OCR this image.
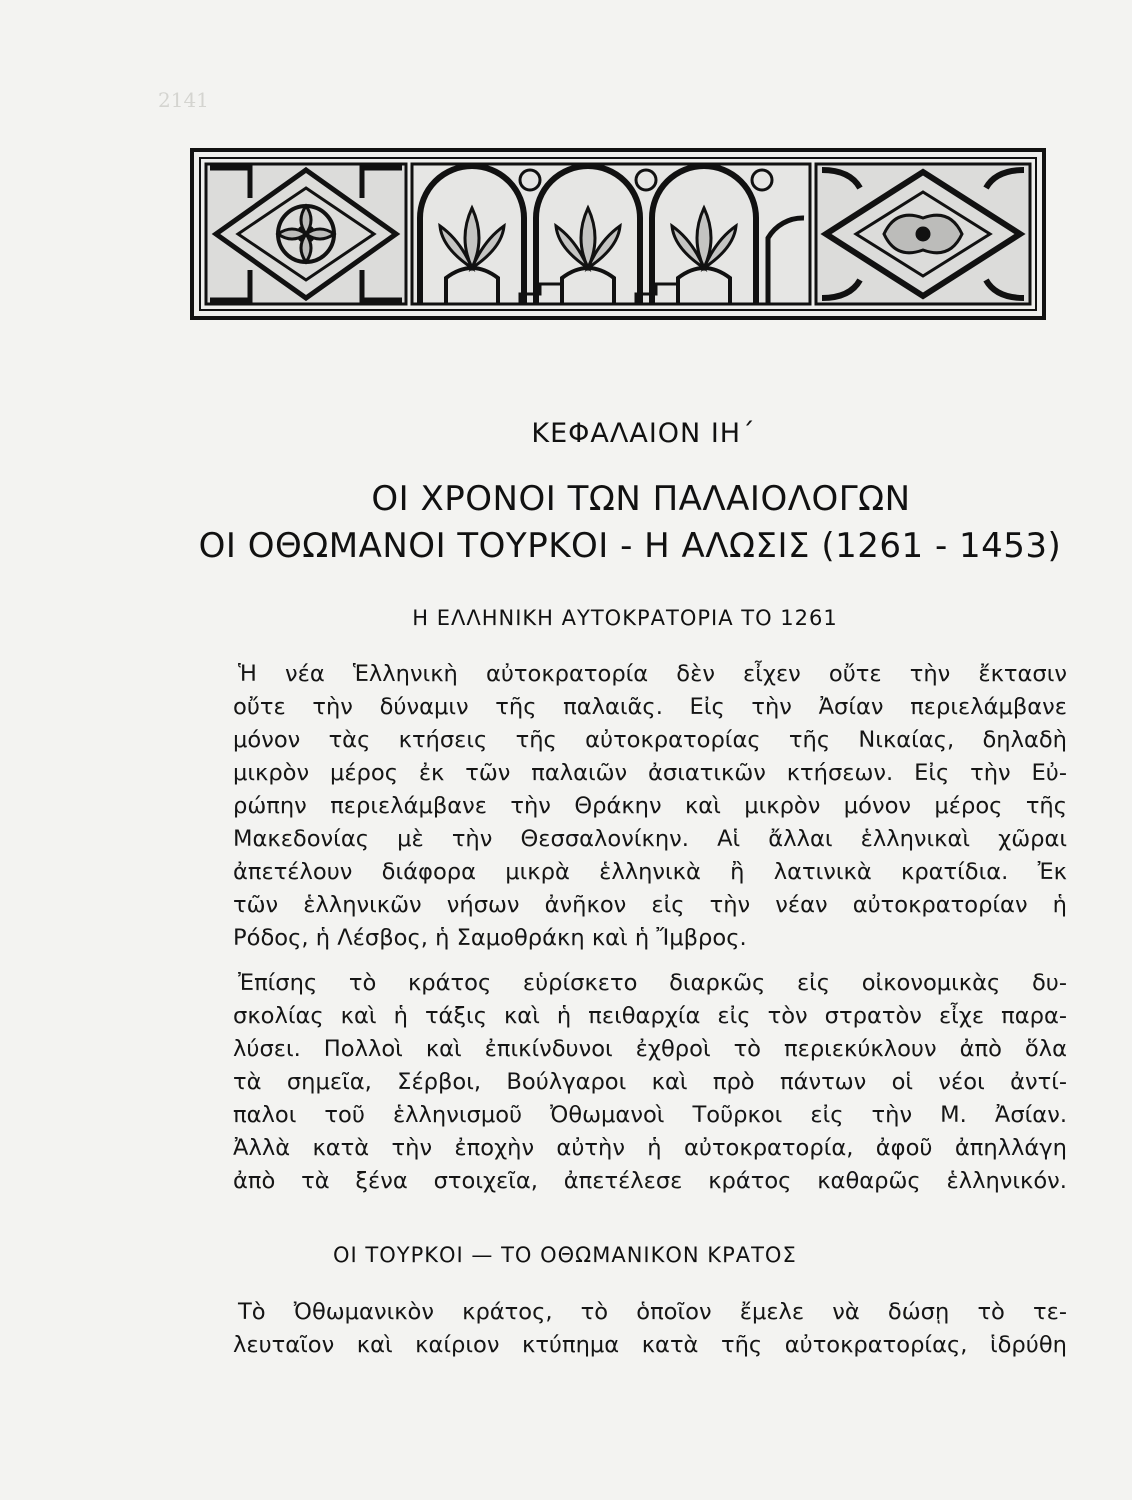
2141
ΚΕΦΑΛΑΙΟΝ ΙΗ΄
ΟΙ ΧΡΟΝΟΙ ΤΩΝ ΠΑΛΑΙΟΛΟΓΩΝ
ΟΙ ΟΘΩΜΑΝΟΙ ΤΟΥΡΚΟΙ - Η ΑΛΩΣΙΣ (1261 - 1453)
Η ΕΛΛΗΝΙΚΗ ΑΥΤΟΚΡΑΤΟΡΙΑ ΤΟ 1261
Ἡ νέα Ἑλληνικὴ αὐτοκρατορία δὲν εἶχεν οὔτε τὴν ἔκτασιν
οὔτε τὴν δύναμιν τῆς παλαιᾶς. Εἰς τὴν Ἀσίαν περιελάμβανε
μόνον τὰς κτήσεις τῆς αὐτοκρατορίας τῆς Νικαίας, δηλαδὴ
μικρὸν μέρος ἐκ τῶν παλαιῶν ἀσιατικῶν κτήσεων. Εἰς τὴν Εὐ-
ρώπην περιελάμβανε τὴν Θράκην καὶ μικρὸν μόνον μέρος τῆς
Μακεδονίας μὲ τὴν Θεσσαλονίκην. Αἱ ἄλλαι ἑλληνικαὶ χῶραι
ἀπετέλουν διάφορα μικρὰ ἑλληνικὰ ἢ λατινικὰ κρατίδια. Ἐκ
τῶν ἑλληνικῶν νήσων ἀνῆκον εἰς τὴν νέαν αὐτοκρατορίαν ἡ
Ρόδος, ἡ Λέσβος, ἡ Σαμοθράκη καὶ ἡ Ἴμβρος.
Ἐπίσης τὸ κράτος εὑρίσκετο διαρκῶς εἰς οἰκονομικὰς δυ-
σκολίας καὶ ἡ τάξις καὶ ἡ πειθαρχία εἰς τὸν στρατὸν εἶχε παρα-
λύσει. Πολλοὶ καὶ ἐπικίνδυνοι ἐχθροὶ τὸ περιεκύκλουν ἀπὸ ὅλα
τὰ σημεῖα, Σέρβοι, Βούλγαροι καὶ πρὸ πάντων οἱ νέοι ἀντί-
παλοι τοῦ ἑλληνισμοῦ Ὀθωμανοὶ Τοῦρκοι εἰς τὴν Μ. Ἀσίαν.
Ἀλλὰ κατὰ τὴν ἐποχὴν αὐτὴν ἡ αὐτοκρατορία, ἀφοῦ ἀπηλλάγη
ἀπὸ τὰ ξένα στοιχεῖα, ἀπετέλεσε κράτος καθαρῶς ἑλληνικόν.
ΟΙ ΤΟΥΡΚΟΙ — ΤΟ ΟΘΩΜΑΝΙΚΟΝ ΚΡΑΤΟΣ
Τὸ Ὀθωμανικὸν κράτος, τὸ ὁποῖον ἔμελε νὰ δώσῃ τὸ τε-
λευταῖον καὶ καίριον κτύπημα κατὰ τῆς αὐτοκρατορίας, ἱδρύθη
